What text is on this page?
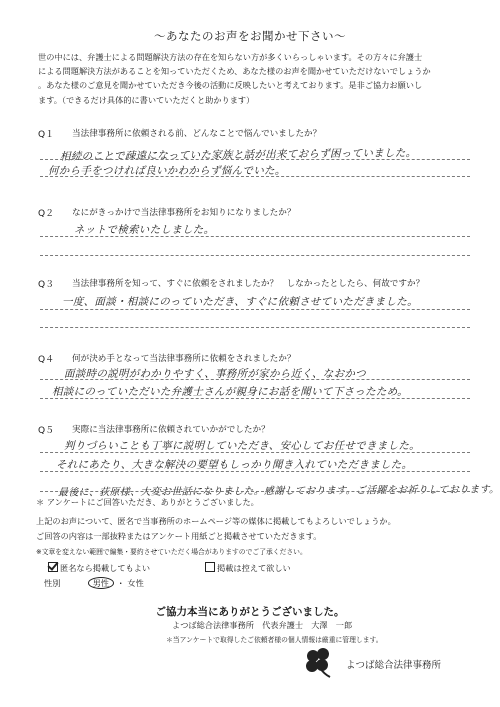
～あなたのお声をお聞かせ下さい～

世の中には、弁護士による問題解決方法の存在を知らない方が多くいらっしゃいます。その方々に弁護士

による問題解決方法があることを知っていただくため、あなた様のお声を聞かせていただけないでしょうか

。あなた様のご意見を聞かせていただき今後の活動に反映したいと考えております。是非ご協力お願いし

ます。（できるだけ具体的に書いていただくと助かります）

Q１ 当法律事務所に依頼される前、どんなことで悩んでいましたか？
相続のことで疎遠になっていた家族と話が出来ておらず困っていました。
何から手をつければ良いかわからず悩んでいた。
Q２ なにがきっかけで当法律事務所をお知りになりましたか？
ネットで検索いたしました。
Q３ 当法律事務所を知って、すぐに依頼をされましたか？　しなかったとしたら、何故ですか？
一度、面談・相談にのっていただき、すぐに依頼させていただきました。
Q４ 何が決め手となって当法律事務所に依頼をされましたか？
面談時の説明がわかりやすく、事務所が家から近く、なおかつ
相談にのっていただいた弁護士さんが親身にお話を聞いて下さったため。
Q５ 実際に当法律事務所に依頼されていかがでしたか？
判りづらいことも丁寧に説明していただき、安心してお任せできました。
それにあたり、大きな解決の要望もしっかり聞き入れていただきました。
最後に、荻原様、大変お世話になりました。感謝しております。ご活躍をお祈りしております。
＊ アンケートにご回答いただき、ありがとうございました。
上記のお声について、匿名で当事務所のホームページ等の媒体に掲載してもよろしいでしょうか。
ご回答の内容は一部抜粋またはアンケート用紙ごと掲載させていただきます。
※文章を変えない範囲で編集・要約させていただく場合がありますのでご了承ください。
匿名なら掲載してもよい	掲載は控えて欲しい
性別	男性 ・ 女性
ご協力本当にありがとうございました。
よつば総合法律事務所　代表弁護士　大澤　一郎
＊当アンケートで取得したご依頼者様の個人情報は厳重に管理します。
よつば総合法律事務所
